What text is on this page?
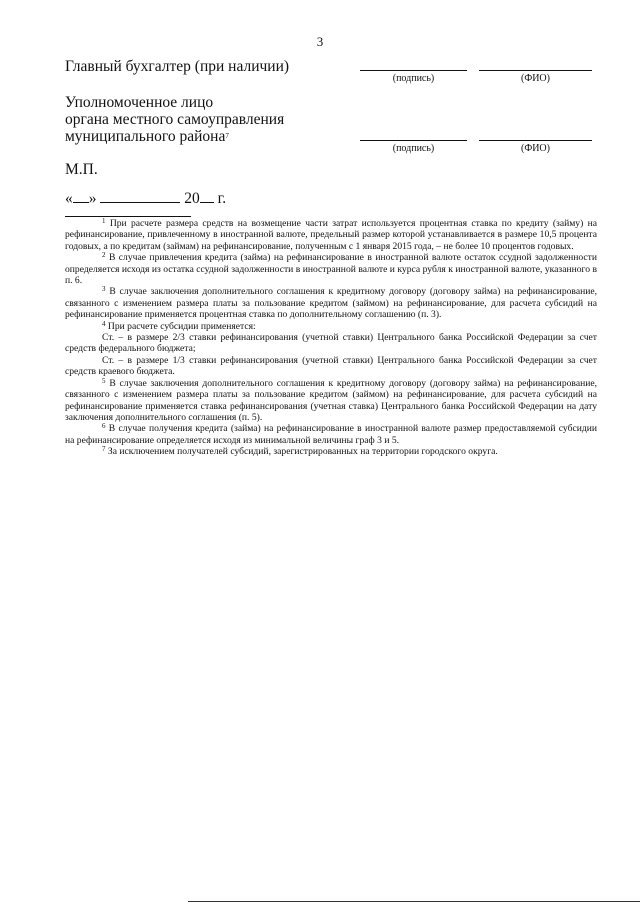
3
Главный бухгалтер (при наличии)
(подпись)	(ФИО)
Уполномоченное лицо
органа местного самоуправления
муниципального района$^7$
(подпись)	(ФИО)
М.П.
« »	20 г.

$^1$ При расчете размера средств на возмещение части затрат используется процентная ставка по кредиту (займу) на рефинансирование, привлеченному в иностранной валюте, предельный размер которой устанавливается в размере 10,5 процента годовых, а по кредитам (займам) на рефинансирование, полученным с 1 января 2015 года, – не более 10 процентов годовых.

$^2$ В случае привлечения кредита (займа) на рефинансирование в иностранной валюте остаток ссудной задолженности определяется исходя из остатка ссудной задолженности в иностранной валюте и курса рубля к иностранной валюте, указанного в п. 6.

$^3$ В случае заключения дополнительного соглашения к кредитному договору (договору займа) на рефинансирование, связанного с изменением размера платы за пользование кредитом (займом) на рефинансирование, для расчета субсидий на рефинансирование применяется процентная ставка по дополнительному соглашению (п. 3).

$^4$ При расчете субсидии применяется:

Ст. – в размере 2/3 ставки рефинансирования (учетной ставки) Центрального банка Российской Федерации за счет средств федерального бюджета;

Ст. – в размере 1/3 ставки рефинансирования (учетной ставки) Центрального банка Российской Федерации за счет средств краевого бюджета.

$^5$ В случае заключения дополнительного соглашения к кредитному договору (договору займа) на рефинансирование, связанного с изменением размера платы за пользование кредитом (займом) на рефинансирование, для расчета субсидий на рефинансирование применяется ставка рефинансирования (учетная ставка) Центрального банка Российской Федерации на дату заключения дополнительного соглашения (п. 5).

$^6$ В случае получения кредита (займа) на рефинансирование в иностранной валюте размер предоставляемой субсидии на рефинансирование определяется исходя из минимальной величины граф 3 и 5.

$^7$ За исключением получателей субсидий, зарегистрированных на территории городского округа.
